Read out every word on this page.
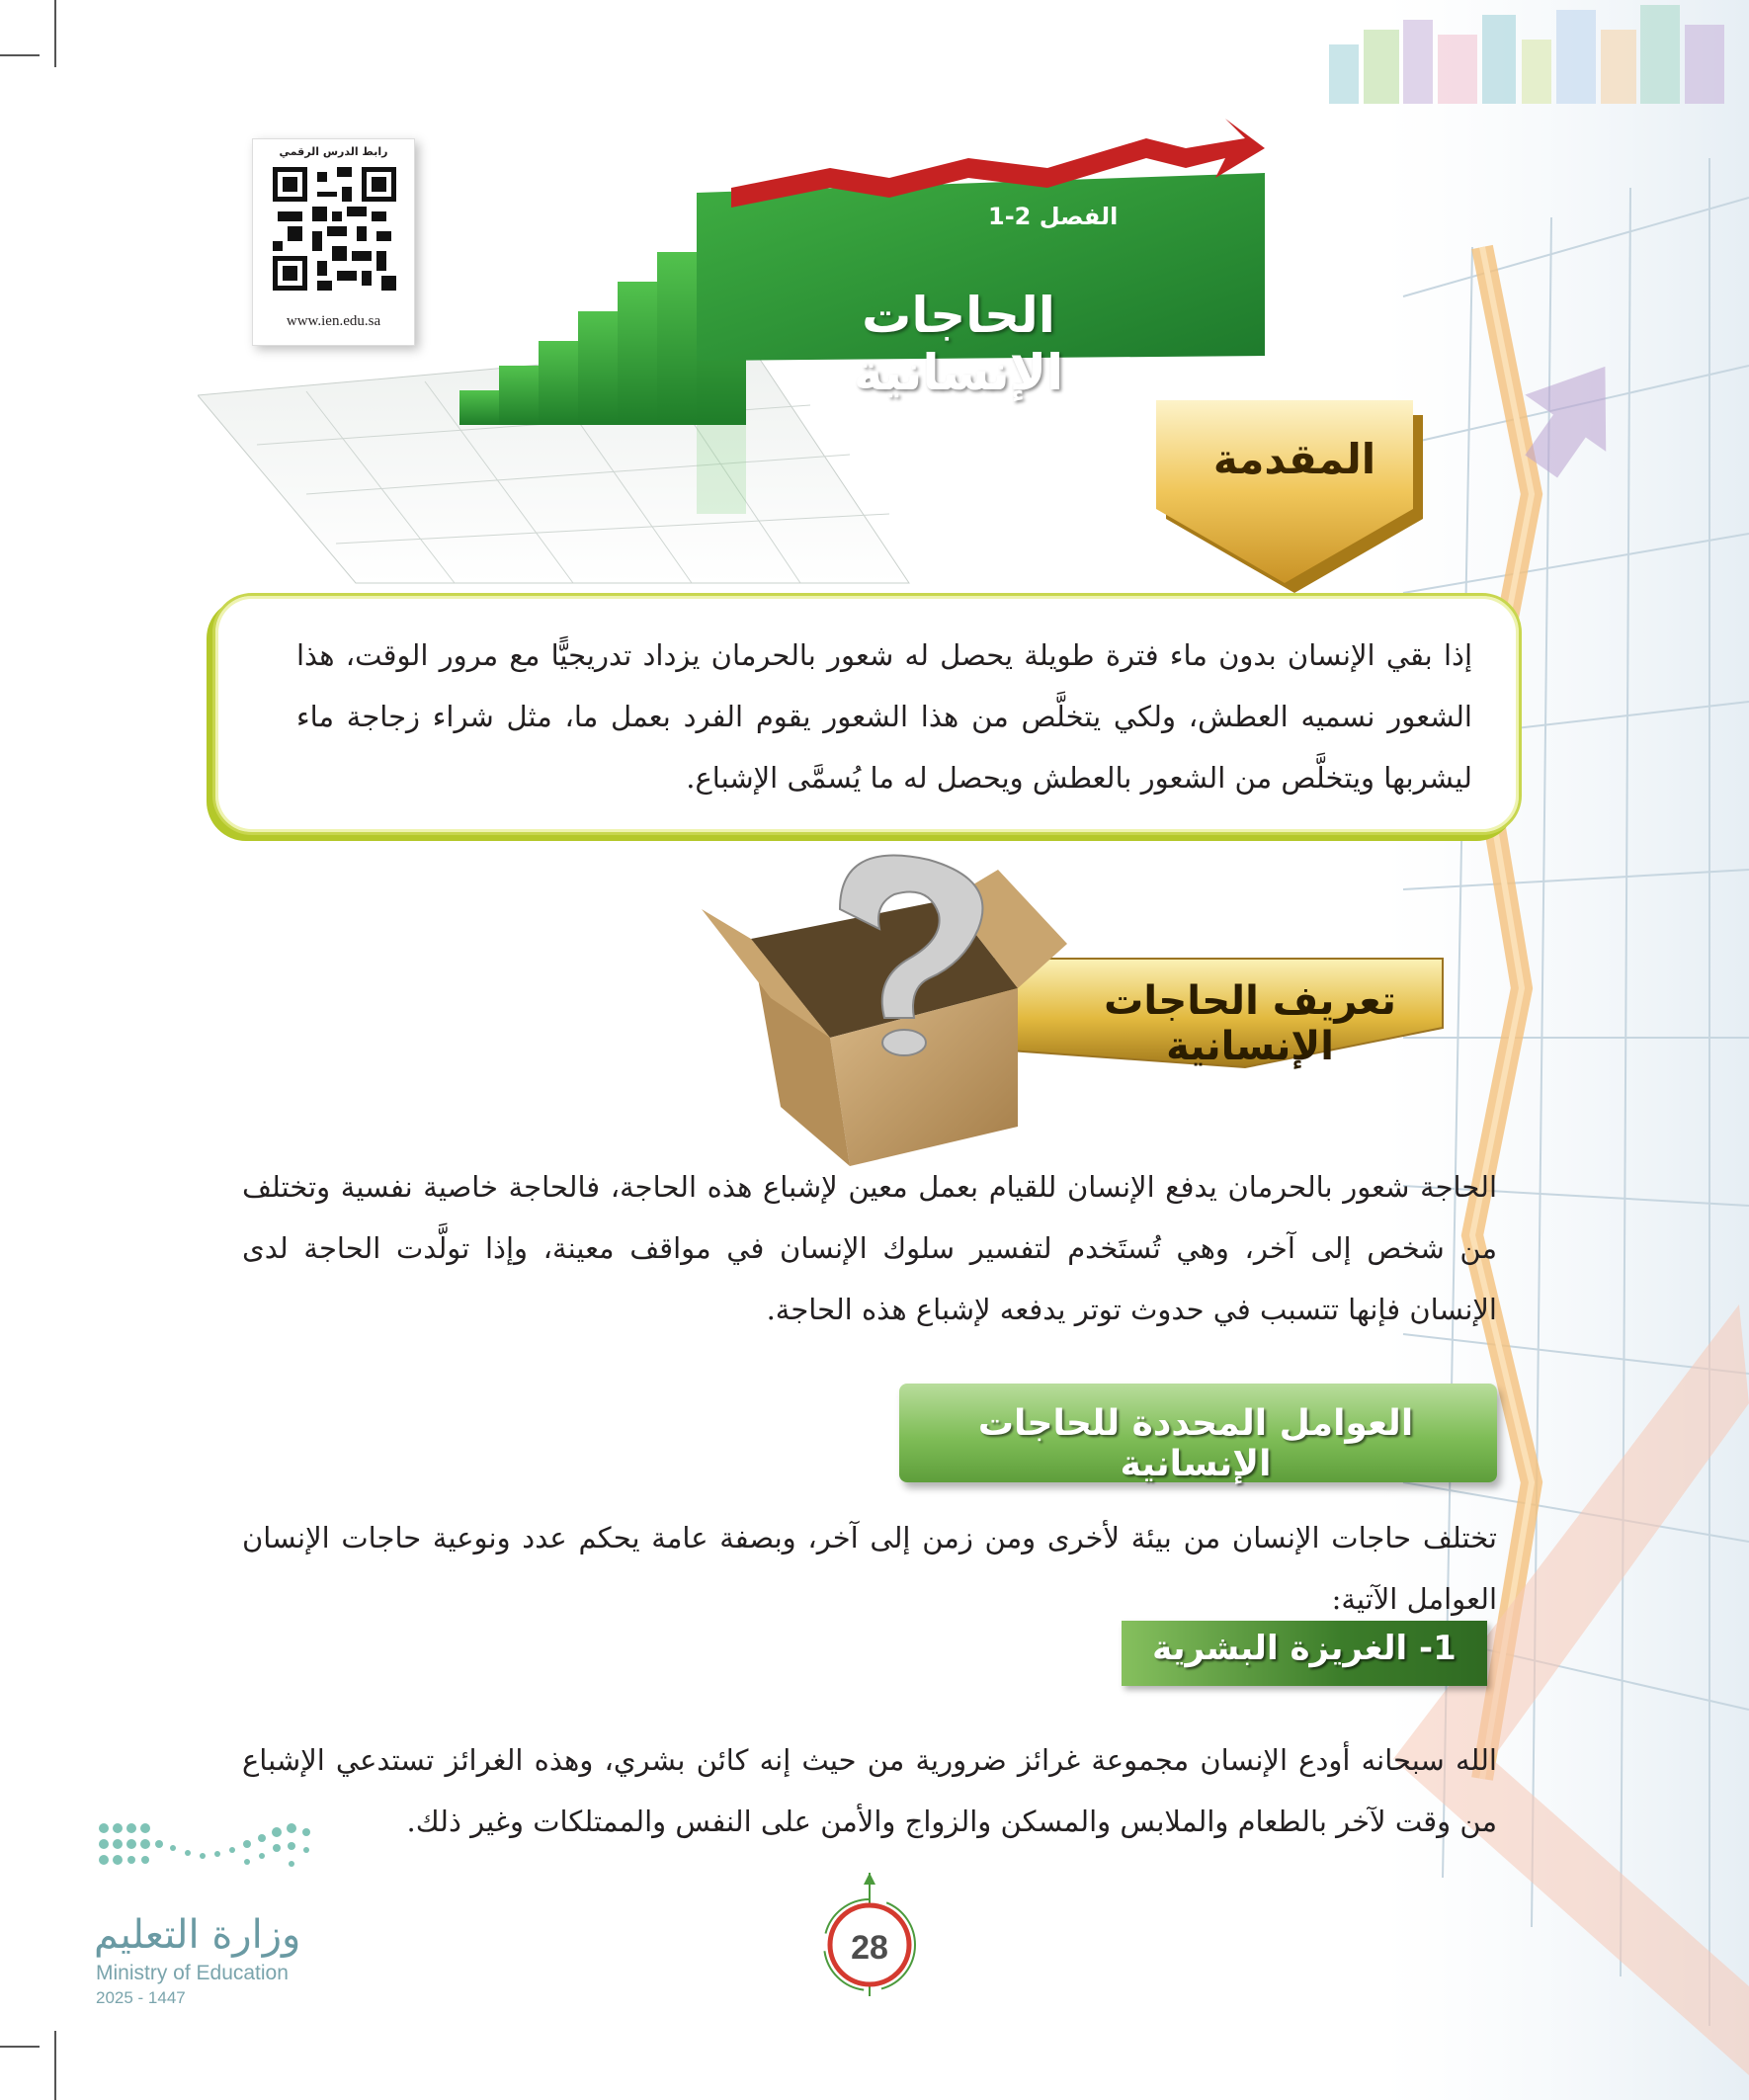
رابط الدرس الرقمي
www.ien.edu.sa
الفصل 2-1
الحاجات الإنسانية
المقدمة

إذا بقي الإنسان بدون ماء فترة طويلة يحصل له شعور بالحرمان يزداد تدريجيًّا مع مرور الوقت، هذا الشعور نسميه العطش، ولكي يتخلَّص من هذا الشعور يقوم الفرد بعمل ما، مثل شراء زجاجة ماء ليشربها ويتخلَّص من الشعور بالعطش ويحصل له ما يُسمَّى الإشباع.

تعريف الحاجات الإنسانية

الحاجة شعور بالحرمان يدفع الإنسان للقيام بعمل معين لإشباع هذه الحاجة، فالحاجة خاصية نفسية وتختلف من شخص إلى آخر، وهي تُستَخدم لتفسير سلوك الإنسان في مواقف معينة، وإذا تولَّدت الحاجة لدى الإنسان فإنها تتسبب في حدوث توتر يدفعه لإشباع هذه الحاجة.

العوامل المحددة للحاجات الإنسانية

تختلف حاجات الإنسان من بيئة لأخرى ومن زمن إلى آخر، وبصفة عامة يحكم عدد ونوعية حاجات الإنسان العوامل الآتية:

1- الغريزة البشرية

الله سبحانه أودع الإنسان مجموعة غرائز ضرورية من حيث إنه كائن بشري، وهذه الغرائز تستدعي الإشباع من وقت لآخر بالطعام والملابس والمسكن والزواج والأمن على النفس والممتلكات وغير ذلك.

وزارة التعليم
Ministry of Education
2025 - 1447
28
